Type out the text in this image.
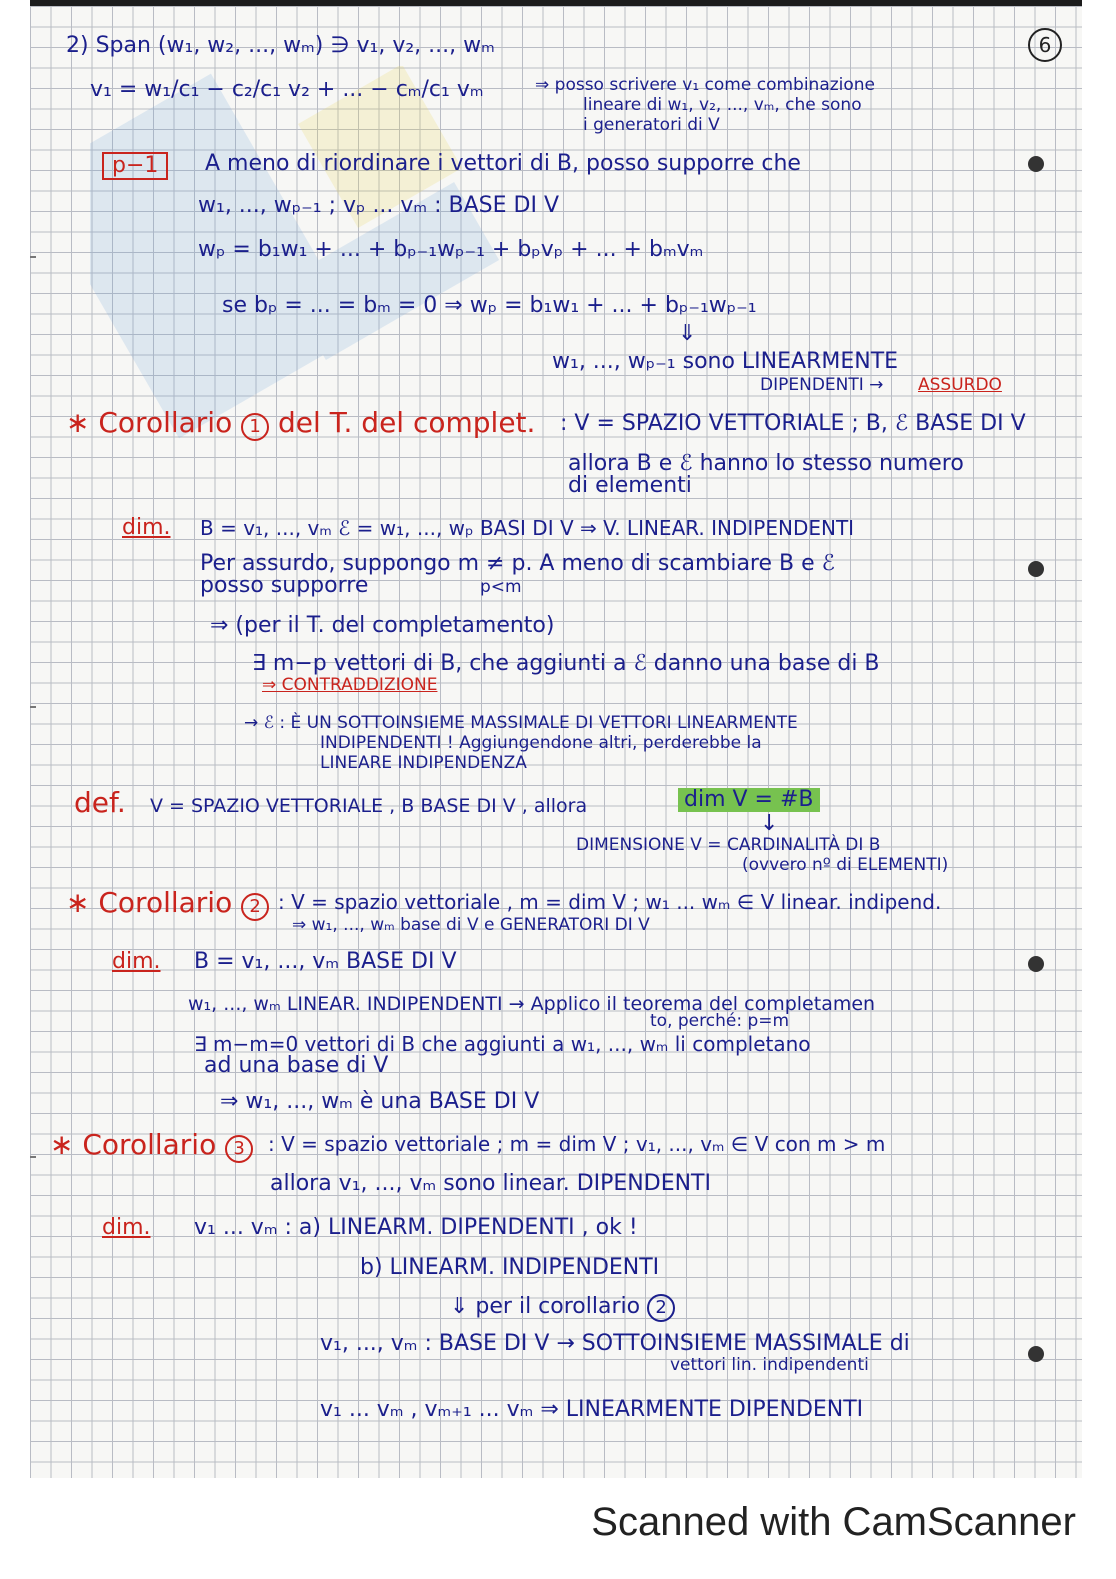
6
2) Span (w₁, w₂, ..., wₘ) ∋ v₁, v₂, ..., wₘ
v₁ = w₁/c₁ − c₂/c₁ v₂ + ... − cₘ/c₁ vₘ	⇒ posso scrivere v₁ come combinazione
lineare di w₁, v₂, ..., vₘ, che sono
i generatori di V
p−1	A meno di riordinare i vettori di B, posso supporre che
w₁, ..., wₚ₋₁ ; vₚ ... vₘ : BASE DI V
wₚ = b₁w₁ + ... + bₚ₋₁wₚ₋₁ + bₚvₚ + ... + bₘvₘ
se bₚ = ... = bₘ = 0 ⇒ wₚ = b₁w₁ + ... + bₚ₋₁wₚ₋₁
⇓
w₁, ..., wₚ₋₁ sono LINEARMENTE
DIPENDENTI → ASSURDO
∗ Corollario 1 del T. del complet. : V = SPAZIO VETTORIALE ; B, ℰ BASE DI V
allora B e ℰ hanno lo stesso numero
di elementi
dim. B = v₁, ..., vₘ ℰ = w₁, ..., wₚ BASI DI V ⇒ V. LINEAR. INDIPENDENTI
Per assurdo, suppongo m ≠ p. A meno di scambiare B e ℰ
posso supporre	p<m
⇒ (per il T. del completamento)
∃ m−p vettori di B, che aggiunti a ℰ danno una base di B
⇒ CONTRADDIZIONE
→ ℰ : È UN SOTTOINSIEME MASSIMALE DI VETTORI LINEARMENTE
INDIPENDENTI ! Aggiungendone altri, perderebbe la
LINEARE INDIPENDENZA
def. V = SPAZIO VETTORIALE , B BASE DI V , allora	dim V = #B
↓
DIMENSIONE V = CARDINALITÀ DI B
(ovvero nº di ELEMENTI)
∗ Corollario 2 : V = spazio vettoriale , m = dim V ; w₁ ... wₘ ∈ V linear. indipend.
⇒ w₁, ..., wₘ base di V e GENERATORI DI V
dim. B = v₁, ..., vₘ BASE DI V
w₁, ..., wₘ LINEAR. INDIPENDENTI → Applico il teorema del completamen
to, perché: p=m
∃ m−m=0 vettori di B che aggiunti a w₁, ..., wₘ li completano
ad una base di V
⇒ w₁, ..., wₘ è una BASE DI V
∗ Corollario 3	: V = spazio vettoriale ; m = dim V ; v₁, ..., vₘ ∈ V con m > m
allora v₁, ..., vₘ sono linear. DIPENDENTI
dim. v₁ ... vₘ : a) LINEARM. DIPENDENTI , ok !
b) LINEARM. INDIPENDENTI
⇓ per il corollario 2
v₁, ..., vₘ : BASE DI V → SOTTOINSIEME MASSIMALE di
vettori lin. indipendenti
v₁ ... vₘ , vₘ₊₁ ... vₘ ⇒ LINEARMENTE DIPENDENTI
Scanned with CamScanner
